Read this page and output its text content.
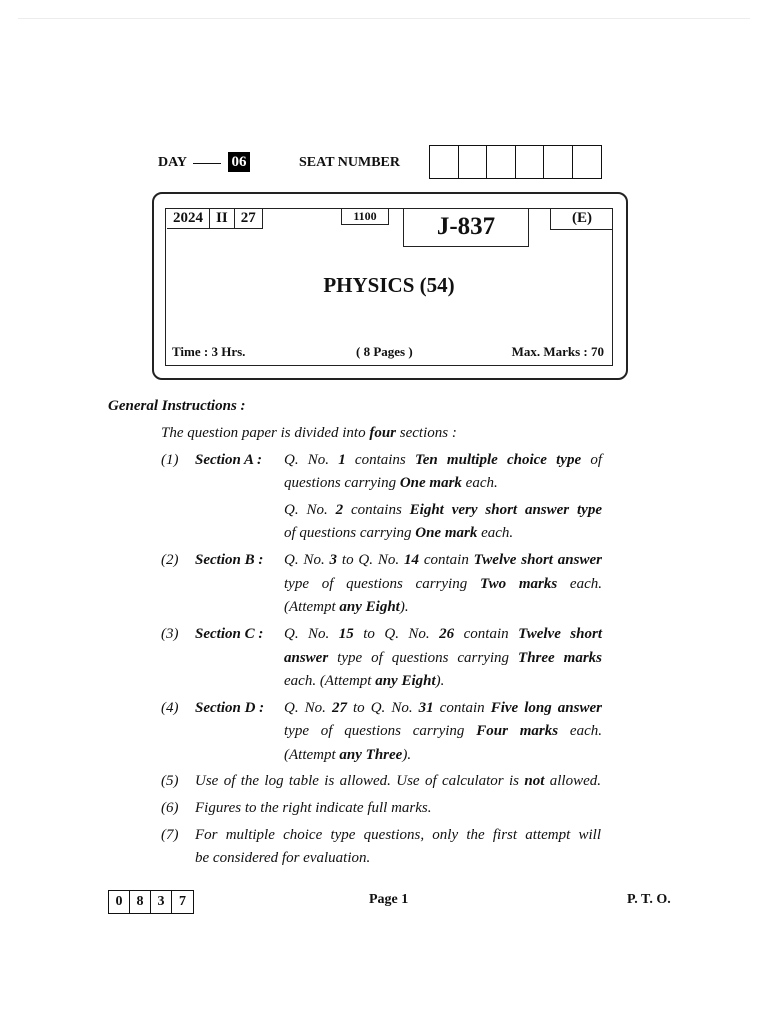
DAY	06	SEAT NUMBER
2024 II 27	1100	J-837	(E)
PHYSICS (54)
Time : 3 Hrs.	( 8 Pages )	Max. Marks : 70
General Instructions :
The question paper is divided into four sections :
(1) Section A : Q. No. 1 contains Ten multiple choice type of
questions carrying One mark each.
Q. No. 2 contains Eight very short answer type
of questions carrying One mark each.
(2) Section B : Q. No. 3 to Q. No. 14 contain Twelve short answer
type of questions carrying Two marks each.
(Attempt any Eight).
(3) Section C : Q. No. 15 to Q. No. 26 contain Twelve short
answer type of questions carrying Three marks
each. (Attempt any Eight).
(4) Section D : Q. No. 27 to Q. No. 31 contain Five long answer
type of questions carrying Four marks each.
(Attempt any Three).
(5) Use of the log table is allowed. Use of calculator is not allowed.
(6) Figures to the right indicate full marks.
(7) For multiple choice type questions, only the first attempt will
be considered for evaluation.
0	8	3	7	Page 1	P. T. O.
